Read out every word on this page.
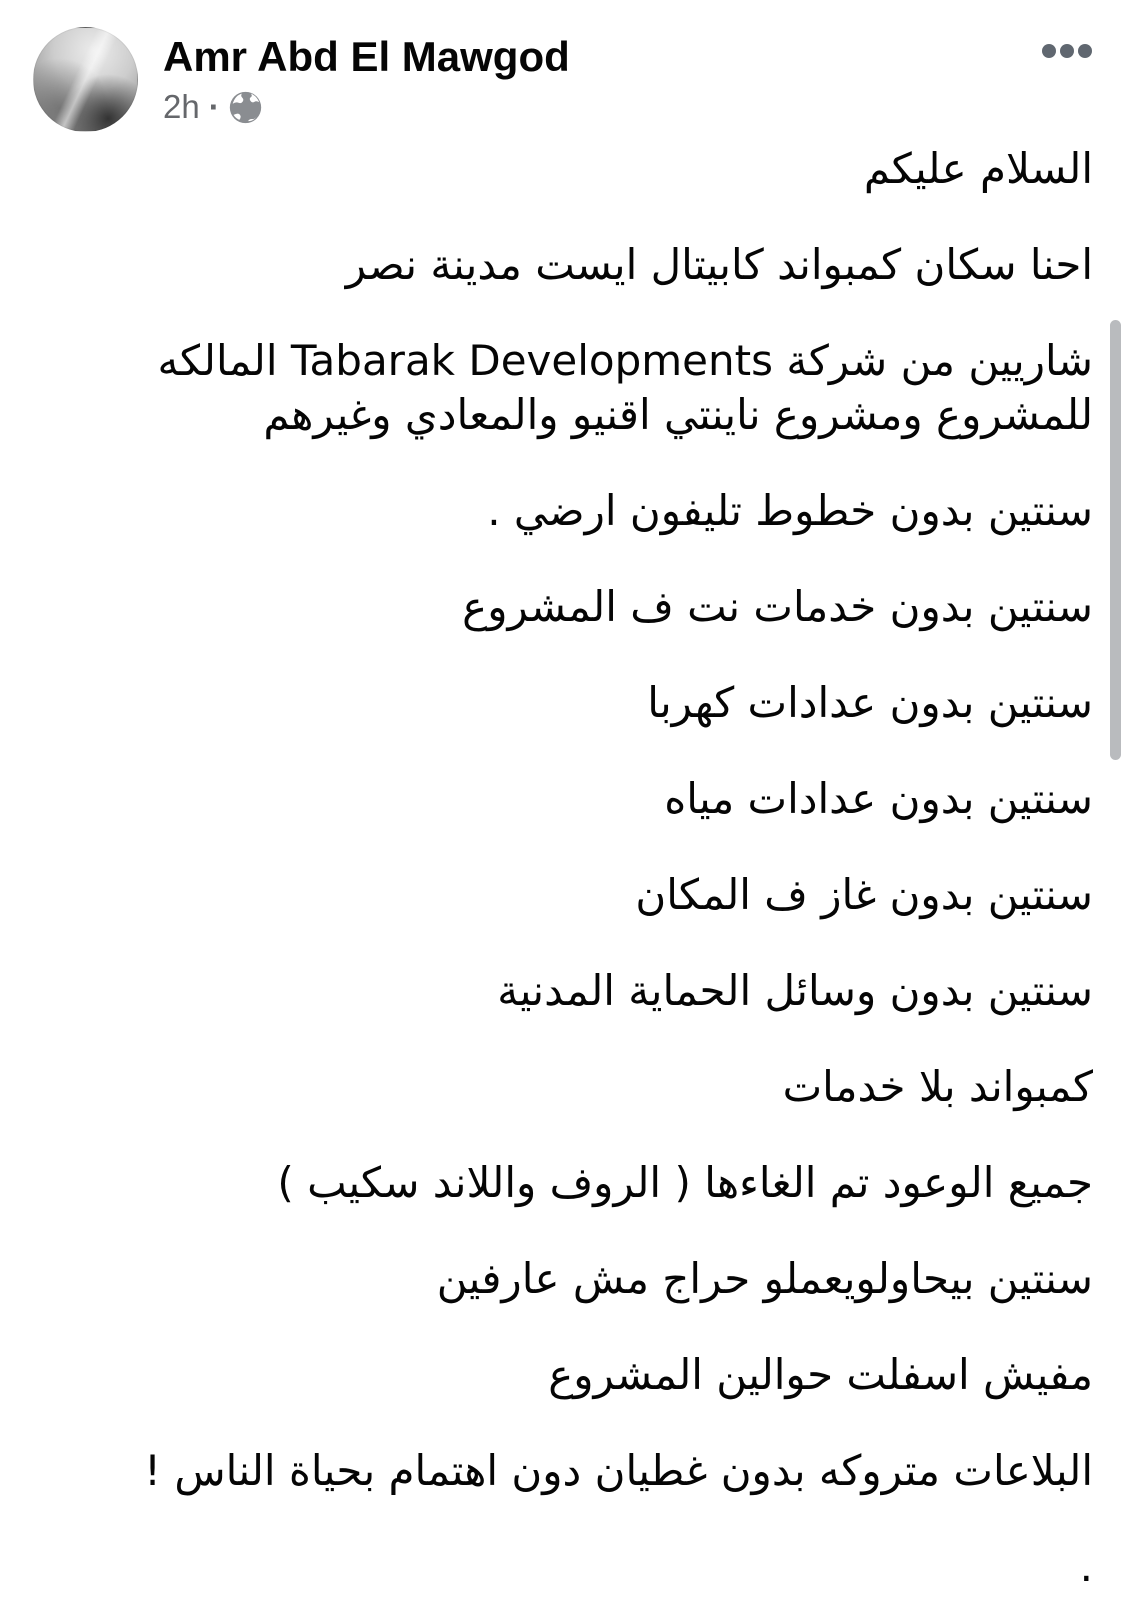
Amr Abd El Mawgod
2h ·

السلام عليكم

احنا سكان كمبواند كابيتال ايست مدينة نصر

شاريين من شركة Tabarak Developments المالكه للمشروع ومشروع ناينتي اقنيو والمعادي وغيرهم

سنتين بدون خطوط تليفون ارضي .

سنتين بدون خدمات نت ف المشروع

سنتين بدون عدادات كهربا

سنتين بدون عدادات مياه

سنتين بدون غاز ف المكان

سنتين بدون وسائل الحماية المدنية

كمبواند بلا خدمات

جميع الوعود تم الغاءها ( الروف واللاند سكيب )

سنتين بيحاولويعملو حراج مش عارفين

مفيش اسفلت حوالين المشروع

البلاعات متروكه بدون غطيان دون اهتمام بحياة الناس !

.
